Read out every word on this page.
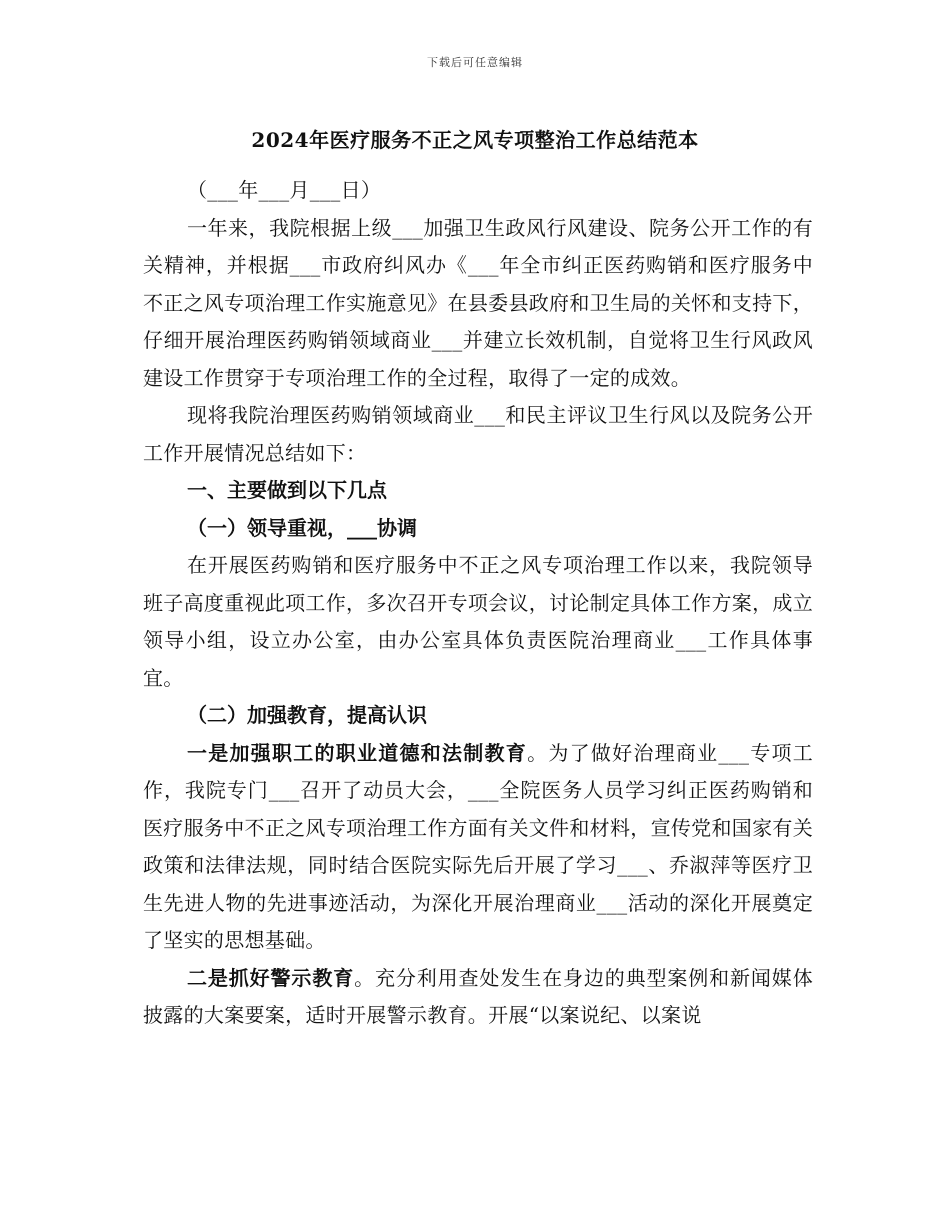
下载后可任意编辑
2024年医疗服务不正之风专项整治工作总结范本

（___年___月___日）

一年来，我院根据上级___加强卫生政风行风建设、院务公开工作的有关精神，并根据___市政府纠风办《___年全市纠正医药购销和医疗服务中不正之风专项治理工作实施意见》在县委县政府和卫生局的关怀和支持下，仔细开展治理医药购销领域商业___并建立长效机制，自觉将卫生行风政风建设工作贯穿于专项治理工作的全过程，取得了一定的成效。

现将我院治理医药购销领域商业___和民主评议卫生行风以及院务公开工作开展情况总结如下：

一、主要做到以下几点

（一）领导重视，___协调

在开展医药购销和医疗服务中不正之风专项治理工作以来，我院领导班子高度重视此项工作，多次召开专项会议，讨论制定具体工作方案，成立领导小组，设立办公室，由办公室具体负责医院治理商业___工作具体事宜。

（二）加强教育，提高认识

一是加强职工的职业道德和法制教育。为了做好治理商业___专项工作，我院专门___召开了动员大会，___全院医务人员学习纠正医药购销和医疗服务中不正之风专项治理工作方面有关文件和材料，宣传党和国家有关政策和法律法规，同时结合医院实际先后开展了学习___、乔淑萍等医疗卫生先进人物的先进事迹活动，为深化开展治理商业___活动的深化开展奠定了坚实的思想基础。

二是抓好警示教育。充分利用查处发生在身边的典型案例和新闻媒体披露的大案要案，适时开展警示教育。开展“以案说纪、以案说
